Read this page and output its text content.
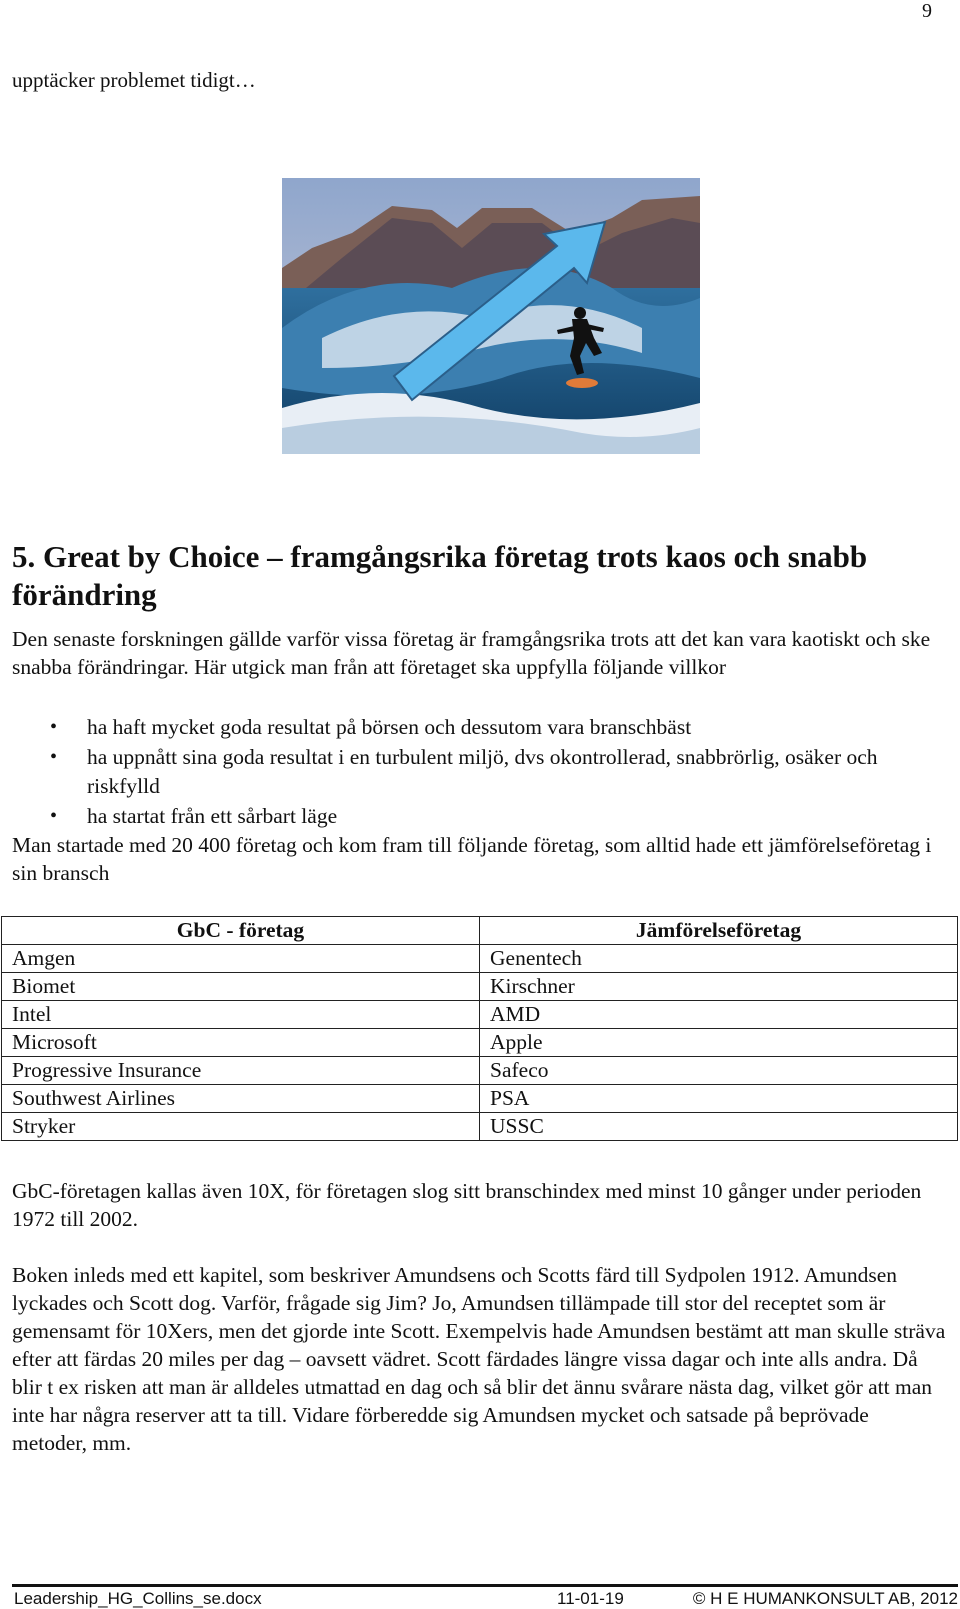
9
upptäcker problemet tidigt…
5. Great by Choice – framgångsrika företag trots kaos och snabb förändring

Den senaste forskningen gällde varför vissa företag är framgångsrika trots att det kan vara kaotiskt och ske snabba förändringar. Här utgick man från att företaget ska uppfylla följande villkor

• ha haft mycket goda resultat på börsen och dessutom vara branschbäst
• ha uppnått sina goda resultat i en turbulent miljö, dvs okontrollerad, snabbrörlig, osäker och riskfylld
• ha startat från ett sårbart läge

Man startade med 20 400 företag och kom fram till följande företag, som alltid hade ett jämförelseföretag i sin bransch

GbC - företag	Jämförelseföretag
Amgen	Genentech
Biomet	Kirschner
Intel	AMD
Microsoft	Apple
Progressive Insurance	Safeco
Southwest Airlines	PSA
Stryker	USSC

GbC-företagen kallas även 10X, för företagen slog sitt branschindex med minst 10 gånger under perioden 1972 till 2002.

Boken inleds med ett kapitel, som beskriver Amundsens och Scotts färd till Sydpolen 1912. Amundsen lyckades och Scott dog. Varför, frågade sig Jim? Jo, Amundsen tillämpade till stor del receptet som är gemensamt för 10Xers, men det gjorde inte Scott. Exempelvis hade Amundsen bestämt att man skulle sträva efter att färdas 20 miles per dag – oavsett vädret. Scott färdades längre vissa dagar och inte alls andra. Då blir t ex risken att man är alldeles utmattad en dag och så blir det ännu svårare nästa dag, vilket gör att man inte har några reserver att ta till. Vidare förberedde sig Amundsen mycket och satsade på beprövade metoder, mm.

Leadership_HG_Collins_se.docx	11-01-19	© H E HUMANKONSULT AB, 2012
